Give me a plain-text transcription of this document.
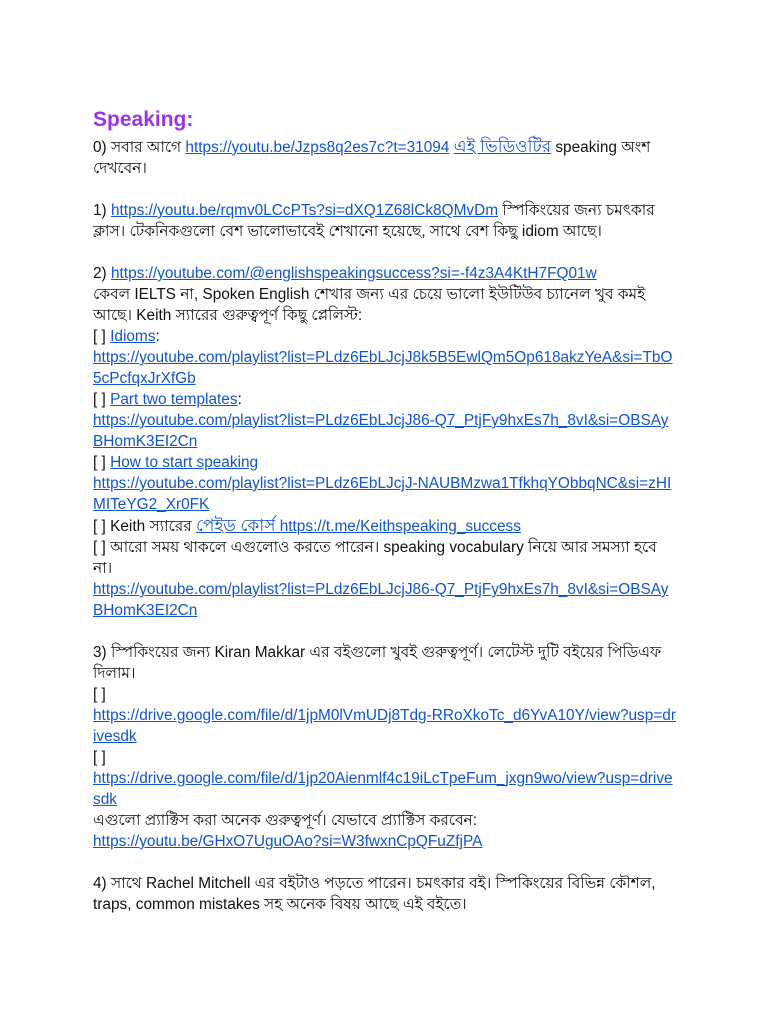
Speaking:

0) সবার আগে https://youtu.be/Jzps8q2es7c?t=31094 এই ভিডিওটির speaking অংশ দেখবেন।

1) https://youtu.be/rqmv0LCcPTs?si=dXQ1Z68lCk8QMvDm স্পিকিংয়ের জন্য চমৎকার ক্লাস। টেকনিকগুলো বেশ ভালোভাবেই শেখানো হয়েছে, সাথে বেশ কিছু idiom আছে।

2) https://youtube.com/@englishspeakingsuccess?si=-f4z3A4KtH7FQ01w
কেবল IELTS না, Spoken English শেখার জন্য এর চেয়ে ভালো ইউটিউব চ্যানেল খুব কমই আছে। Keith স্যারের গুরুত্বপূর্ণ কিছু প্লেলিস্ট:

[ ] Idioms:
https://youtube.com/playlist?list=PLdz6EbLJcjJ8k5B5EwlQm5Op618akzYeA&si=TbO5cPcfqxJrXfGb

[ ] Part two templates:
https://youtube.com/playlist?list=PLdz6EbLJcjJ86-Q7_PtjFy9hxEs7h_8vI&si=OBSAyBHomK3EI2Cn

[ ] How to start speaking
https://youtube.com/playlist?list=PLdz6EbLJcjJ-NAUBMzwa1TfkhqYObbqNC&si=zHIMITeYG2_Xr0FK

[ ] Keith স্যারের পেইড কোর্স https://t.me/Keithspeaking_success

[ ] আরো সময় থাকলে এগুলোও করতে পারেন। speaking vocabulary নিয়ে আর সমস্যা হবে না।
https://youtube.com/playlist?list=PLdz6EbLJcjJ86-Q7_PtjFy9hxEs7h_8vI&si=OBSAyBHomK3EI2Cn

3) স্পিকিংয়ের জন্য Kiran Makkar এর বইগুলো খুবই গুরুত্বপূর্ণ। লেটেস্ট দুটি বইয়ের পিডিএফ দিলাম।

[ ]
https://drive.google.com/file/d/1jpM0lVmUDj8Tdg-RRoXkoTc_d6YvA10Y/view?usp=drivesdk

[ ]
https://drive.google.com/file/d/1jp20Aienmlf4c19iLcTpeFum_jxgn9wo/view?usp=drivesdk

এগুলো প্র্যাক্টিস করা অনেক গুরুত্বপূর্ণ। যেভাবে প্র্যাক্টিস করবেন:
https://youtu.be/GHxO7UguOAo?si=W3fwxnCpQFuZfjPA

4) সাথে Rachel Mitchell এর বইটাও পড়তে পারেন। চমৎকার বই। স্পিকিংয়ের বিভিন্ন কৌশল, traps, common mistakes সহ অনেক বিষয় আছে এই বইতে।
